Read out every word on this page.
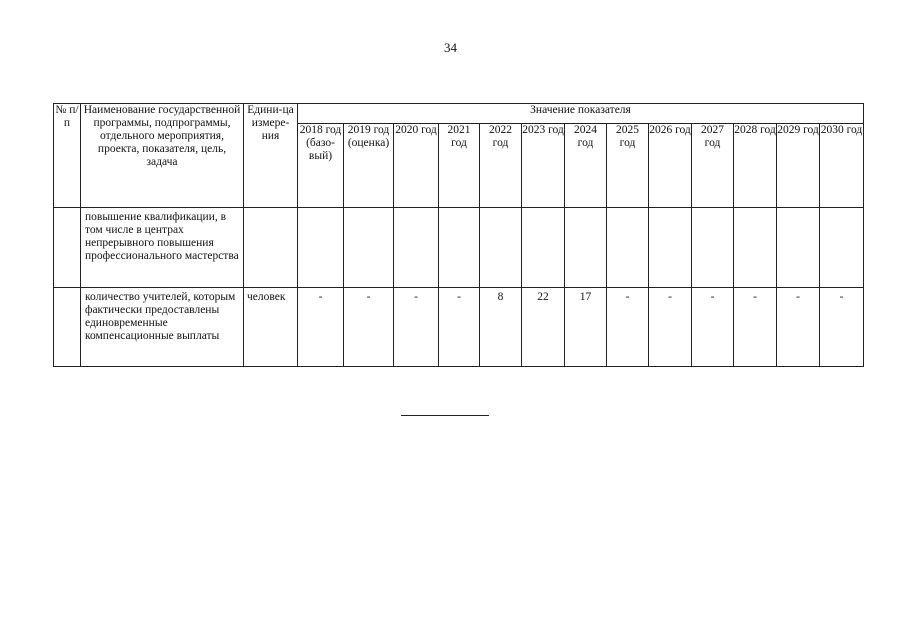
34
№ п/п	Наименование государственной программы, подпрограммы, отдельного мероприятия, проекта, показателя, цель, задача	Едини-ца измере-ния	Значение показателя												
			2018 год (базо-вый)	2019 год (оценка)	2020 год	2021 год	2022 год	2023 год	2024 год	2025 год	2026 год	2027 год	2028 год	2029 год	2030 год
	повышение квалификации, в том числе в центрах непрерывного повышения профессионального мастерства														
	количество учителей, которым фактически предоставлены единовременные компенсационные выплаты	человек	-	-	-	-	8	22	17	-	-	-	-	-	-
